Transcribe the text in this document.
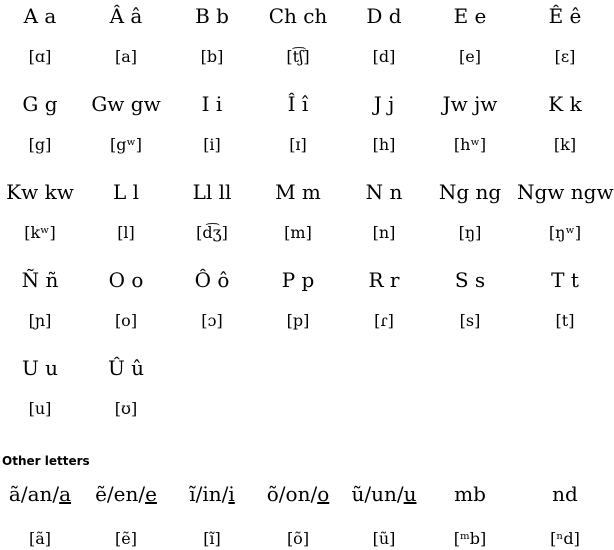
A a
[ɑ]
Â â
[a]
B b
[b]
Ch ch
[t͡ʃ]
D d
[d]
E e
[e]
Ê ê
[ɛ]
G g
[g]
Gw gw
[gʷ]
I i
[i]
Î î
[ɪ]
J j
[h]
Jw jw
[hʷ]
K k
[k]
Kw kw
[kʷ]
L l
[l]
Ll ll
[d͡ʒ]
M m
[m]
N n
[n]
Ng ng
[ŋ]
Ngw ngw
[ŋʷ]
Ñ ñ
[ɲ]
O o
[o]
Ô ô
[ɔ]
P p
[p]
R r
[ɾ]
S s
[s]
T t
[t]
U u
[u]
Û û
[ʊ]
Other letters
ã/an/a
[ã]
ẽ/en/e
[ẽ]
ĩ/in/i
[ĩ]
õ/on/o
[õ]
ũ/un/u
[ũ]
mb
[ᵐb]
nd
[ⁿd]
